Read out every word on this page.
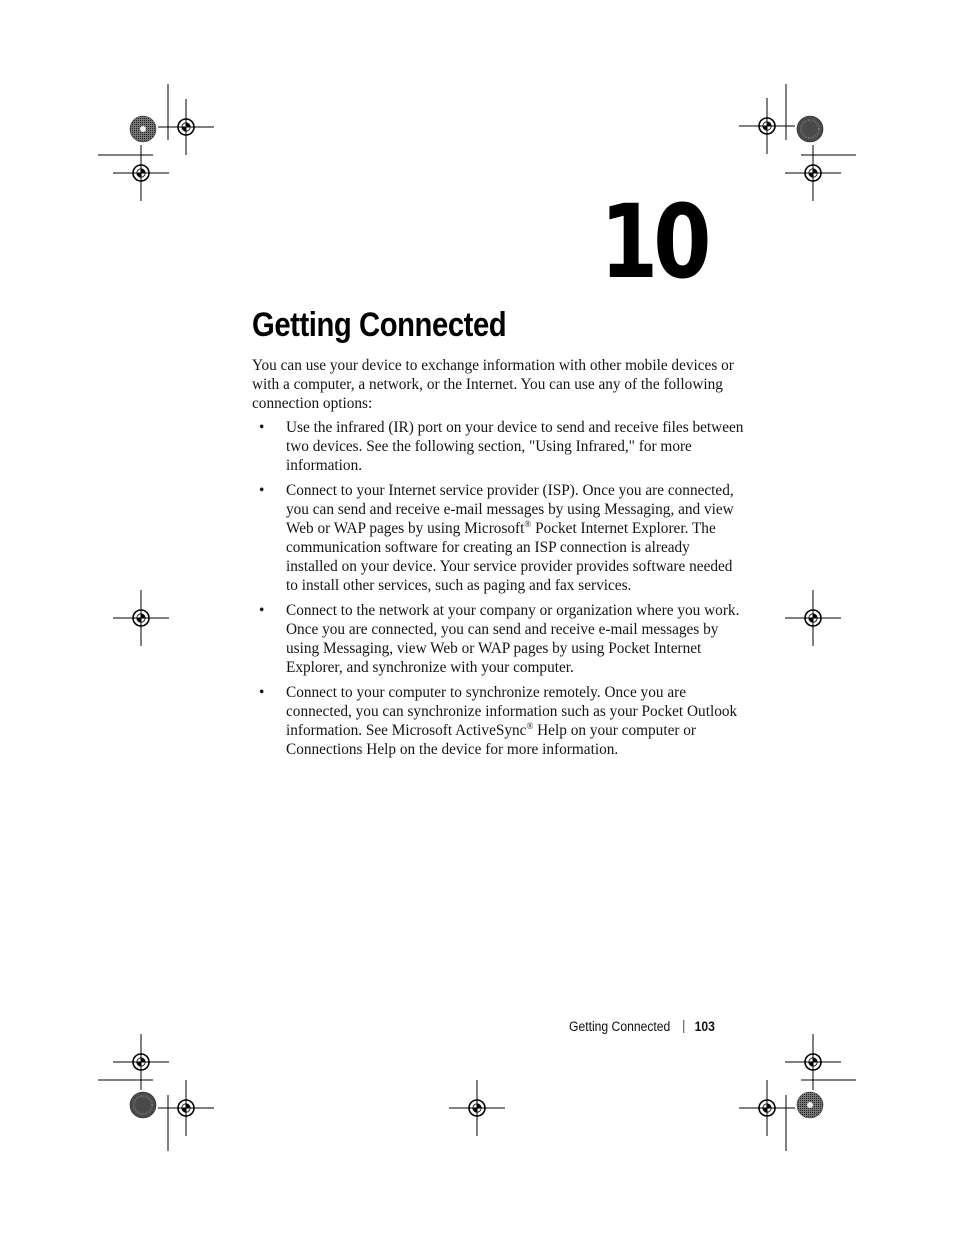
10
Getting Connected

You can use your device to exchange information with other mobile devices or with a computer, a network, or the Internet. You can use any of the following connection options:

• Use the infrared (IR) port on your device to send and receive files between two devices. See the following section, "Using Infrared," for more information.
• Connect to your Internet service provider (ISP). Once you are connected, you can send and receive e-mail messages by using Messaging, and view Web or WAP pages by using Microsoft® Pocket Internet Explorer. The communication software for creating an ISP connection is already installed on your device. Your service provider provides software needed to install other services, such as paging and fax services.
• Connect to the network at your company or organization where you work. Once you are connected, you can send and receive e-mail messages by using Messaging, view Web or WAP pages by using Pocket Internet Explorer, and synchronize with your computer.
• Connect to your computer to synchronize remotely. Once you are connected, you can synchronize information such as your Pocket Outlook information. See Microsoft ActiveSync® Help on your computer or Connections Help on the device for more information.
Getting Connected 103
